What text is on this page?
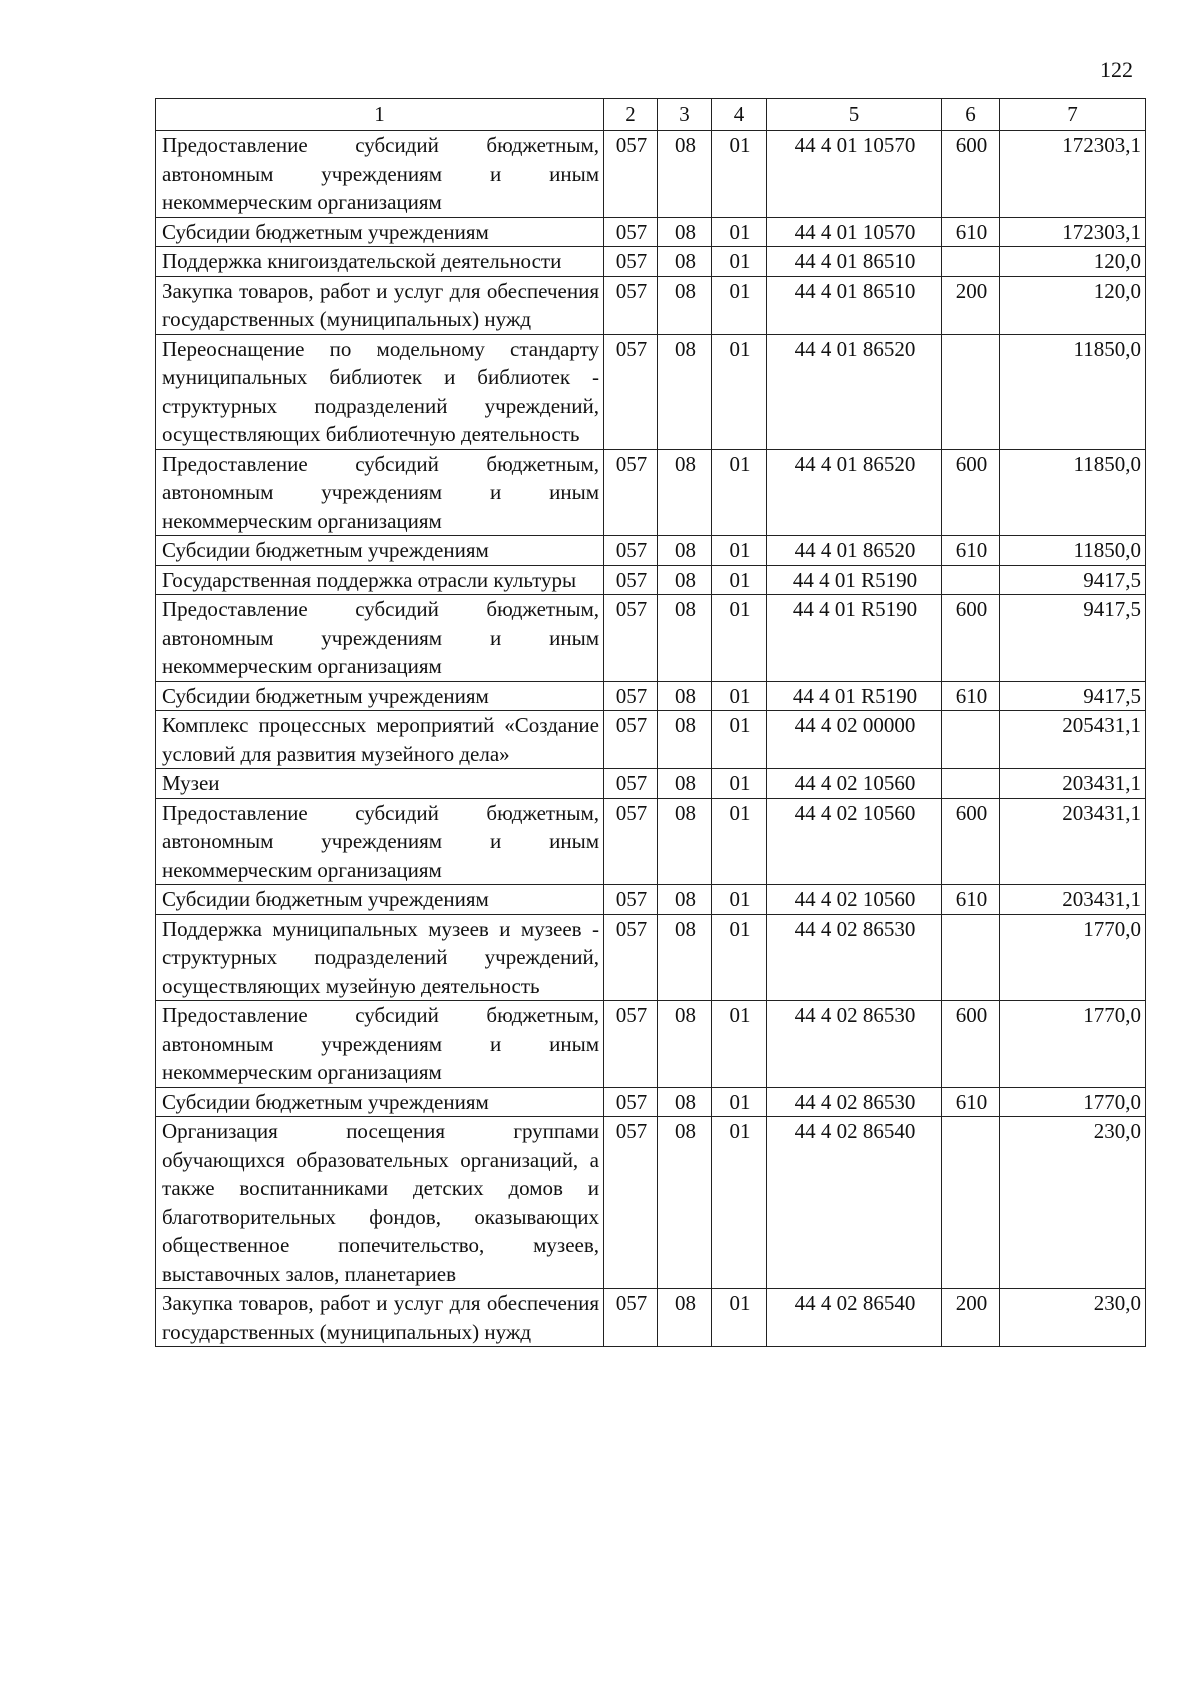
122
1	2	3	4	5	6	7
Предоставление субсидий бюджетным, автономным учреждениям и иным некоммерческим организациям	057	08	01	44 4 01 10570	600	172303,1
Субсидии бюджетным учреждениям	057	08	01	44 4 01 10570	610	172303,1
Поддержка книгоиздательской деятельности	057	08	01	44 4 01 86510		120,0
Закупка товаров, работ и услуг для обеспечения государственных (муниципальных) нужд	057	08	01	44 4 01 86510	200	120,0
Переоснащение по модельному стандарту муниципальных библиотек и библиотек - структурных подразделений учреждений, осуществляющих библиотечную деятельность	057	08	01	44 4 01 86520		11850,0
Предоставление субсидий бюджетным, автономным учреждениям и иным некоммерческим организациям	057	08	01	44 4 01 86520	600	11850,0
Субсидии бюджетным учреждениям	057	08	01	44 4 01 86520	610	11850,0
Государственная поддержка отрасли культуры	057	08	01	44 4 01 R5190		9417,5
Предоставление субсидий бюджетным, автономным учреждениям и иным некоммерческим организациям	057	08	01	44 4 01 R5190	600	9417,5
Субсидии бюджетным учреждениям	057	08	01	44 4 01 R5190	610	9417,5
Комплекс процессных мероприятий «Создание условий для развития музейного дела»	057	08	01	44 4 02 00000		205431,1
Музеи	057	08	01	44 4 02 10560		203431,1
Предоставление субсидий бюджетным, автономным учреждениям и иным некоммерческим организациям	057	08	01	44 4 02 10560	600	203431,1
Субсидии бюджетным учреждениям	057	08	01	44 4 02 10560	610	203431,1
Поддержка муниципальных музеев и музеев - структурных подразделений учреждений, осуществляющих музейную деятельность	057	08	01	44 4 02 86530		1770,0
Предоставление субсидий бюджетным, автономным учреждениям и иным некоммерческим организациям	057	08	01	44 4 02 86530	600	1770,0
Субсидии бюджетным учреждениям	057	08	01	44 4 02 86530	610	1770,0
Организация посещения группами обучающихся образовательных организаций, а также воспитанниками детских домов и благотворительных фондов, оказывающих общественное попечительство, музеев, выставочных залов, планетариев	057	08	01	44 4 02 86540		230,0
Закупка товаров, работ и услуг для обеспечения государственных (муниципальных) нужд	057	08	01	44 4 02 86540	200	230,0
